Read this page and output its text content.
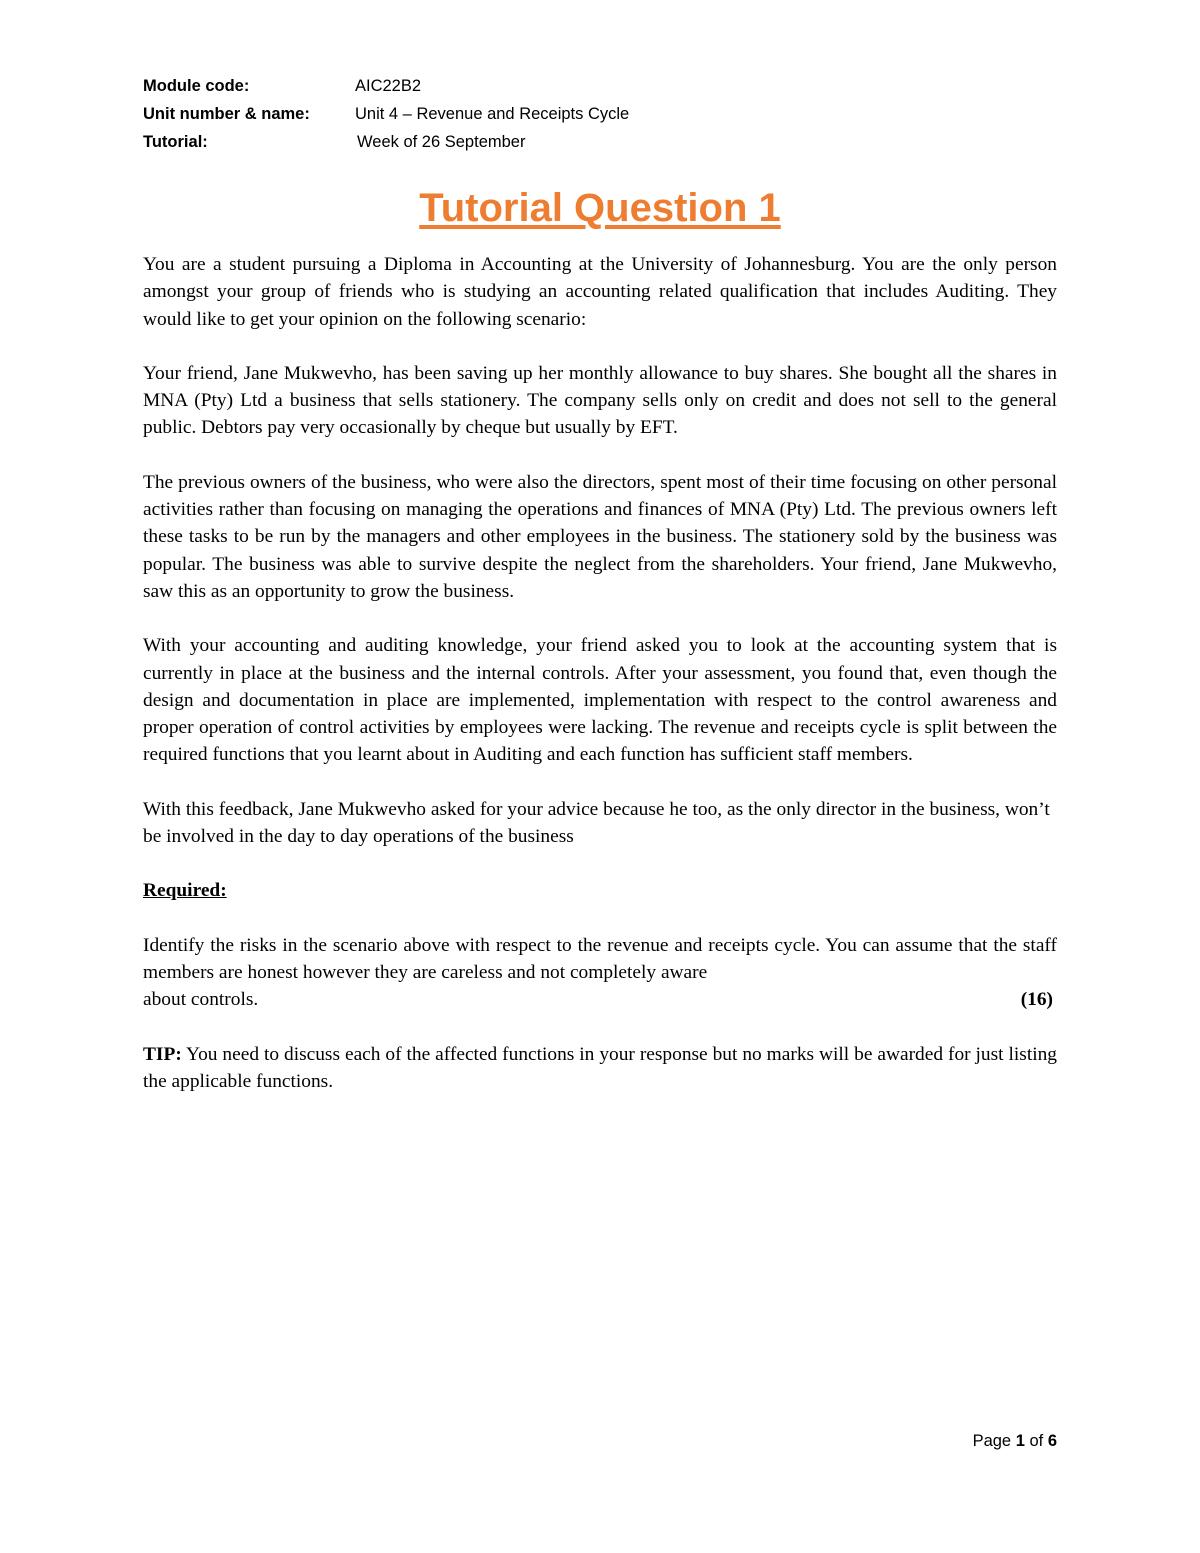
Module code:	AIC22B2
Unit number & name:	Unit 4 – Revenue and Receipts Cycle
Tutorial:	Week of 26 September
Tutorial Question 1

You are a student pursuing a Diploma in Accounting at the University of Johannesburg. You are the only person amongst your group of friends who is studying an accounting related qualification that includes Auditing. They would like to get your opinion on the following scenario:

Your friend, Jane Mukwevho, has been saving up her monthly allowance to buy shares. She bought all the shares in MNA (Pty) Ltd a business that sells stationery. The company sells only on credit and does not sell to the general public. Debtors pay very occasionally by cheque but usually by EFT.

The previous owners of the business, who were also the directors, spent most of their time focusing on other personal activities rather than focusing on managing the operations and finances of MNA (Pty) Ltd. The previous owners left these tasks to be run by the managers and other employees in the business. The stationery sold by the business was popular. The business was able to survive despite the neglect from the shareholders. Your friend, Jane Mukwevho, saw this as an opportunity to grow the business.

With your accounting and auditing knowledge, your friend asked you to look at the accounting system that is currently in place at the business and the internal controls. After your assessment, you found that, even though the design and documentation in place are implemented, implementation with respect to the control awareness and proper operation of control activities by employees were lacking. The revenue and receipts cycle is split between the required functions that you learnt about in Auditing and each function has sufficient staff members.

With this feedback, Jane Mukwevho asked for your advice because he too, as the only director in the business, won’t be involved in the day to day operations of the business

Required:

Identify the risks in the scenario above with respect to the revenue and receipts cycle. You can assume that the staff members are honest however they are careless and not completely aware

about controls.	(16)

TIP: You need to discuss each of the affected functions in your response but no marks will be awarded for just listing the applicable functions.

Page 1 of 6
